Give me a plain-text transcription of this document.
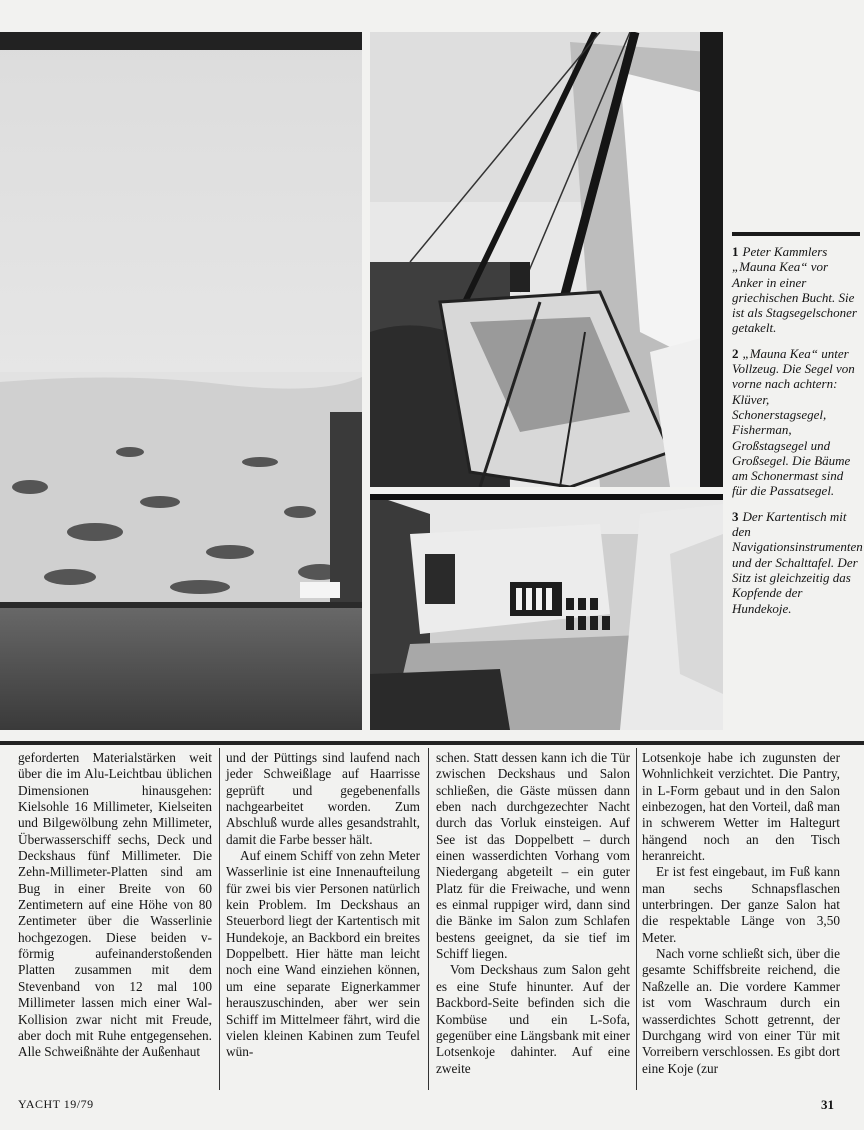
1 Peter Kammlers „Mauna Kea“ vor Anker in einer griechischen Bucht. Sie ist als Stagsegelschoner getakelt.

2 „Mauna Kea“ unter Vollzeug. Die Segel von vorne nach achtern: Klüver, Schonerstagsegel, Fisherman, Großstagsegel und Großsegel. Die Bäume am Schonermast sind für die Passatsegel.

3 Der Kartentisch mit den Navigationsinstrumenten und der Schalttafel. Der Sitz ist gleichzeitig das Kopfende der Hundekoje.

geforderten Materialstärken weit über die im Alu-Leichtbau üblichen Dimensionen hinausgehen: Kielsohle 16 Millimeter, Kielseiten und Bilgewölbung zehn Millimeter, Überwasserschiff sechs, Deck und Deckshaus fünf Millimeter. Die Zehn-Millimeter-Platten sind am Bug in einer Breite von 60 Zentimetern auf eine Höhe von 80 Zentimeter über die Wasserlinie hochgezogen. Diese beiden v-förmig aufeinanderstoßenden Platten zusammen mit dem Stevenband von 12 mal 100 Millimeter lassen mich einer Wal-Kollision zwar nicht mit Freude, aber doch mit Ruhe entgegensehen. Alle Schweißnähte der Außenhaut

und der Püttings sind laufend nach jeder Schweißlage auf Haarrisse geprüft und gegebenenfalls nachgearbeitet worden. Zum Abschluß wurde alles gesandstrahlt, damit die Farbe besser hält.

Auf einem Schiff von zehn Meter Wasserlinie ist eine Innenaufteilung für zwei bis vier Personen natürlich kein Problem. Im Deckshaus an Steuerbord liegt der Kartentisch mit Hundekoje, an Backbord ein breites Doppelbett. Hier hätte man leicht noch eine Wand einziehen können, um eine separate Eignerkammer herauszuschinden, aber wer sein Schiff im Mittelmeer fährt, wird die vielen kleinen Kabinen zum Teufel wün-

schen. Statt dessen kann ich die Tür zwischen Deckshaus und Salon schließen, die Gäste müssen dann eben nach durchgezechter Nacht durch das Vorluk einsteigen. Auf See ist das Doppelbett – durch einen wasserdichten Vorhang vom Niedergang abgeteilt – ein guter Platz für die Freiwache, und wenn es einmal ruppiger wird, dann sind die Bänke im Salon zum Schlafen bestens geeignet, da sie tief im Schiff liegen.

Vom Deckshaus zum Salon geht es eine Stufe hinunter. Auf der Backbord-Seite befinden sich die Kombüse und ein L-Sofa, gegenüber eine Längsbank mit einer Lotsenkoje dahinter. Auf eine zweite

Lotsenkoje habe ich zugunsten der Wohnlichkeit verzichtet. Die Pantry, in L-Form gebaut und in den Salon einbezogen, hat den Vorteil, daß man in schwerem Wetter im Haltegurt hängend noch an den Tisch heranreicht.

Er ist fest eingebaut, im Fuß kann man sechs Schnapsflaschen unterbringen. Der ganze Salon hat die respektable Länge von 3,50 Meter.

Nach vorne schließt sich, über die gesamte Schiffsbreite reichend, die Naßzelle an. Die vordere Kammer ist vom Waschraum durch ein wasserdichtes Schott getrennt, der Durchgang wird von einer Tür mit Vorreibern verschlossen. Es gibt dort eine Koje (zur

YACHT 19/79	31
